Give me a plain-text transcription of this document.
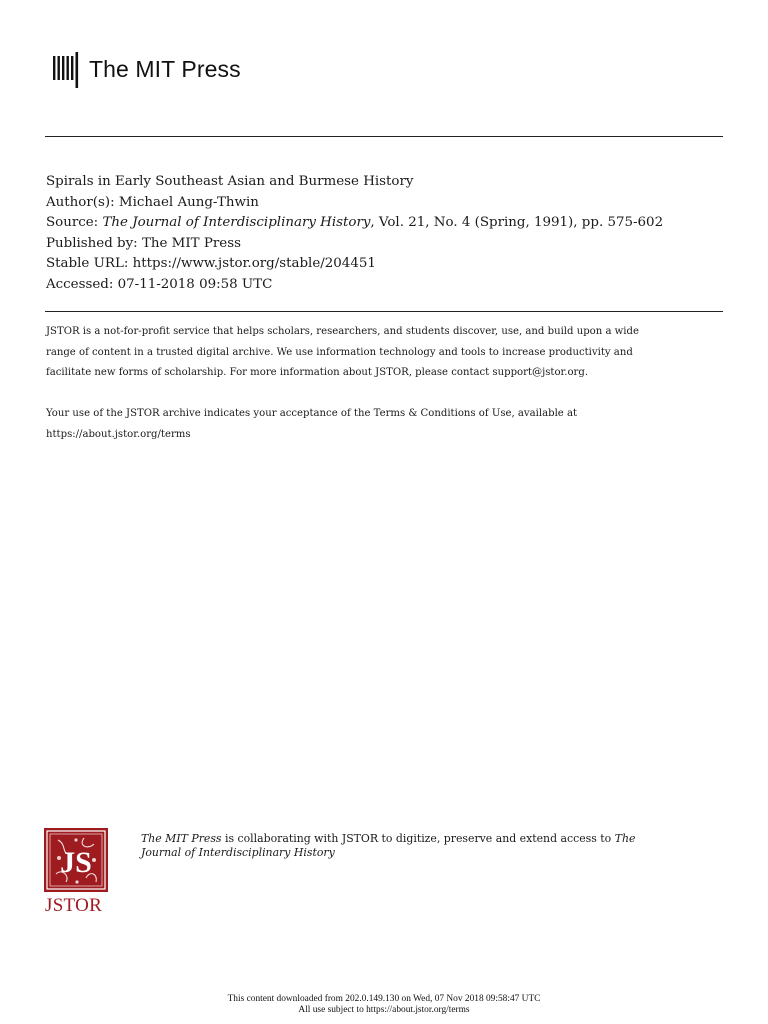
The MIT Press
Spirals in Early Southeast Asian and Burmese History
Author(s): Michael Aung-Thwin
Source: The Journal of Interdisciplinary History, Vol. 21, No. 4 (Spring, 1991), pp. 575-602
Published by: The MIT Press
Stable URL: https://www.jstor.org/stable/204451
Accessed: 07-11-2018 09:58 UTC

JSTOR is a not-for-profit service that helps scholars, researchers, and students discover, use, and build upon a wide
range of content in a trusted digital archive. We use information technology and tools to increase productivity and
facilitate new forms of scholarship. For more information about JSTOR, please contact support@jstor.org.

Your use of the JSTOR archive indicates your acceptance of the Terms & Conditions of Use, available at
https://about.jstor.org/terms

JS
JSTOR
The MIT Press is collaborating with JSTOR to digitize, preserve and extend access to The
Journal of Interdisciplinary History
This content downloaded from 202.0.149.130 on Wed, 07 Nov 2018 09:58:47 UTC
All use subject to https://about.jstor.org/terms
